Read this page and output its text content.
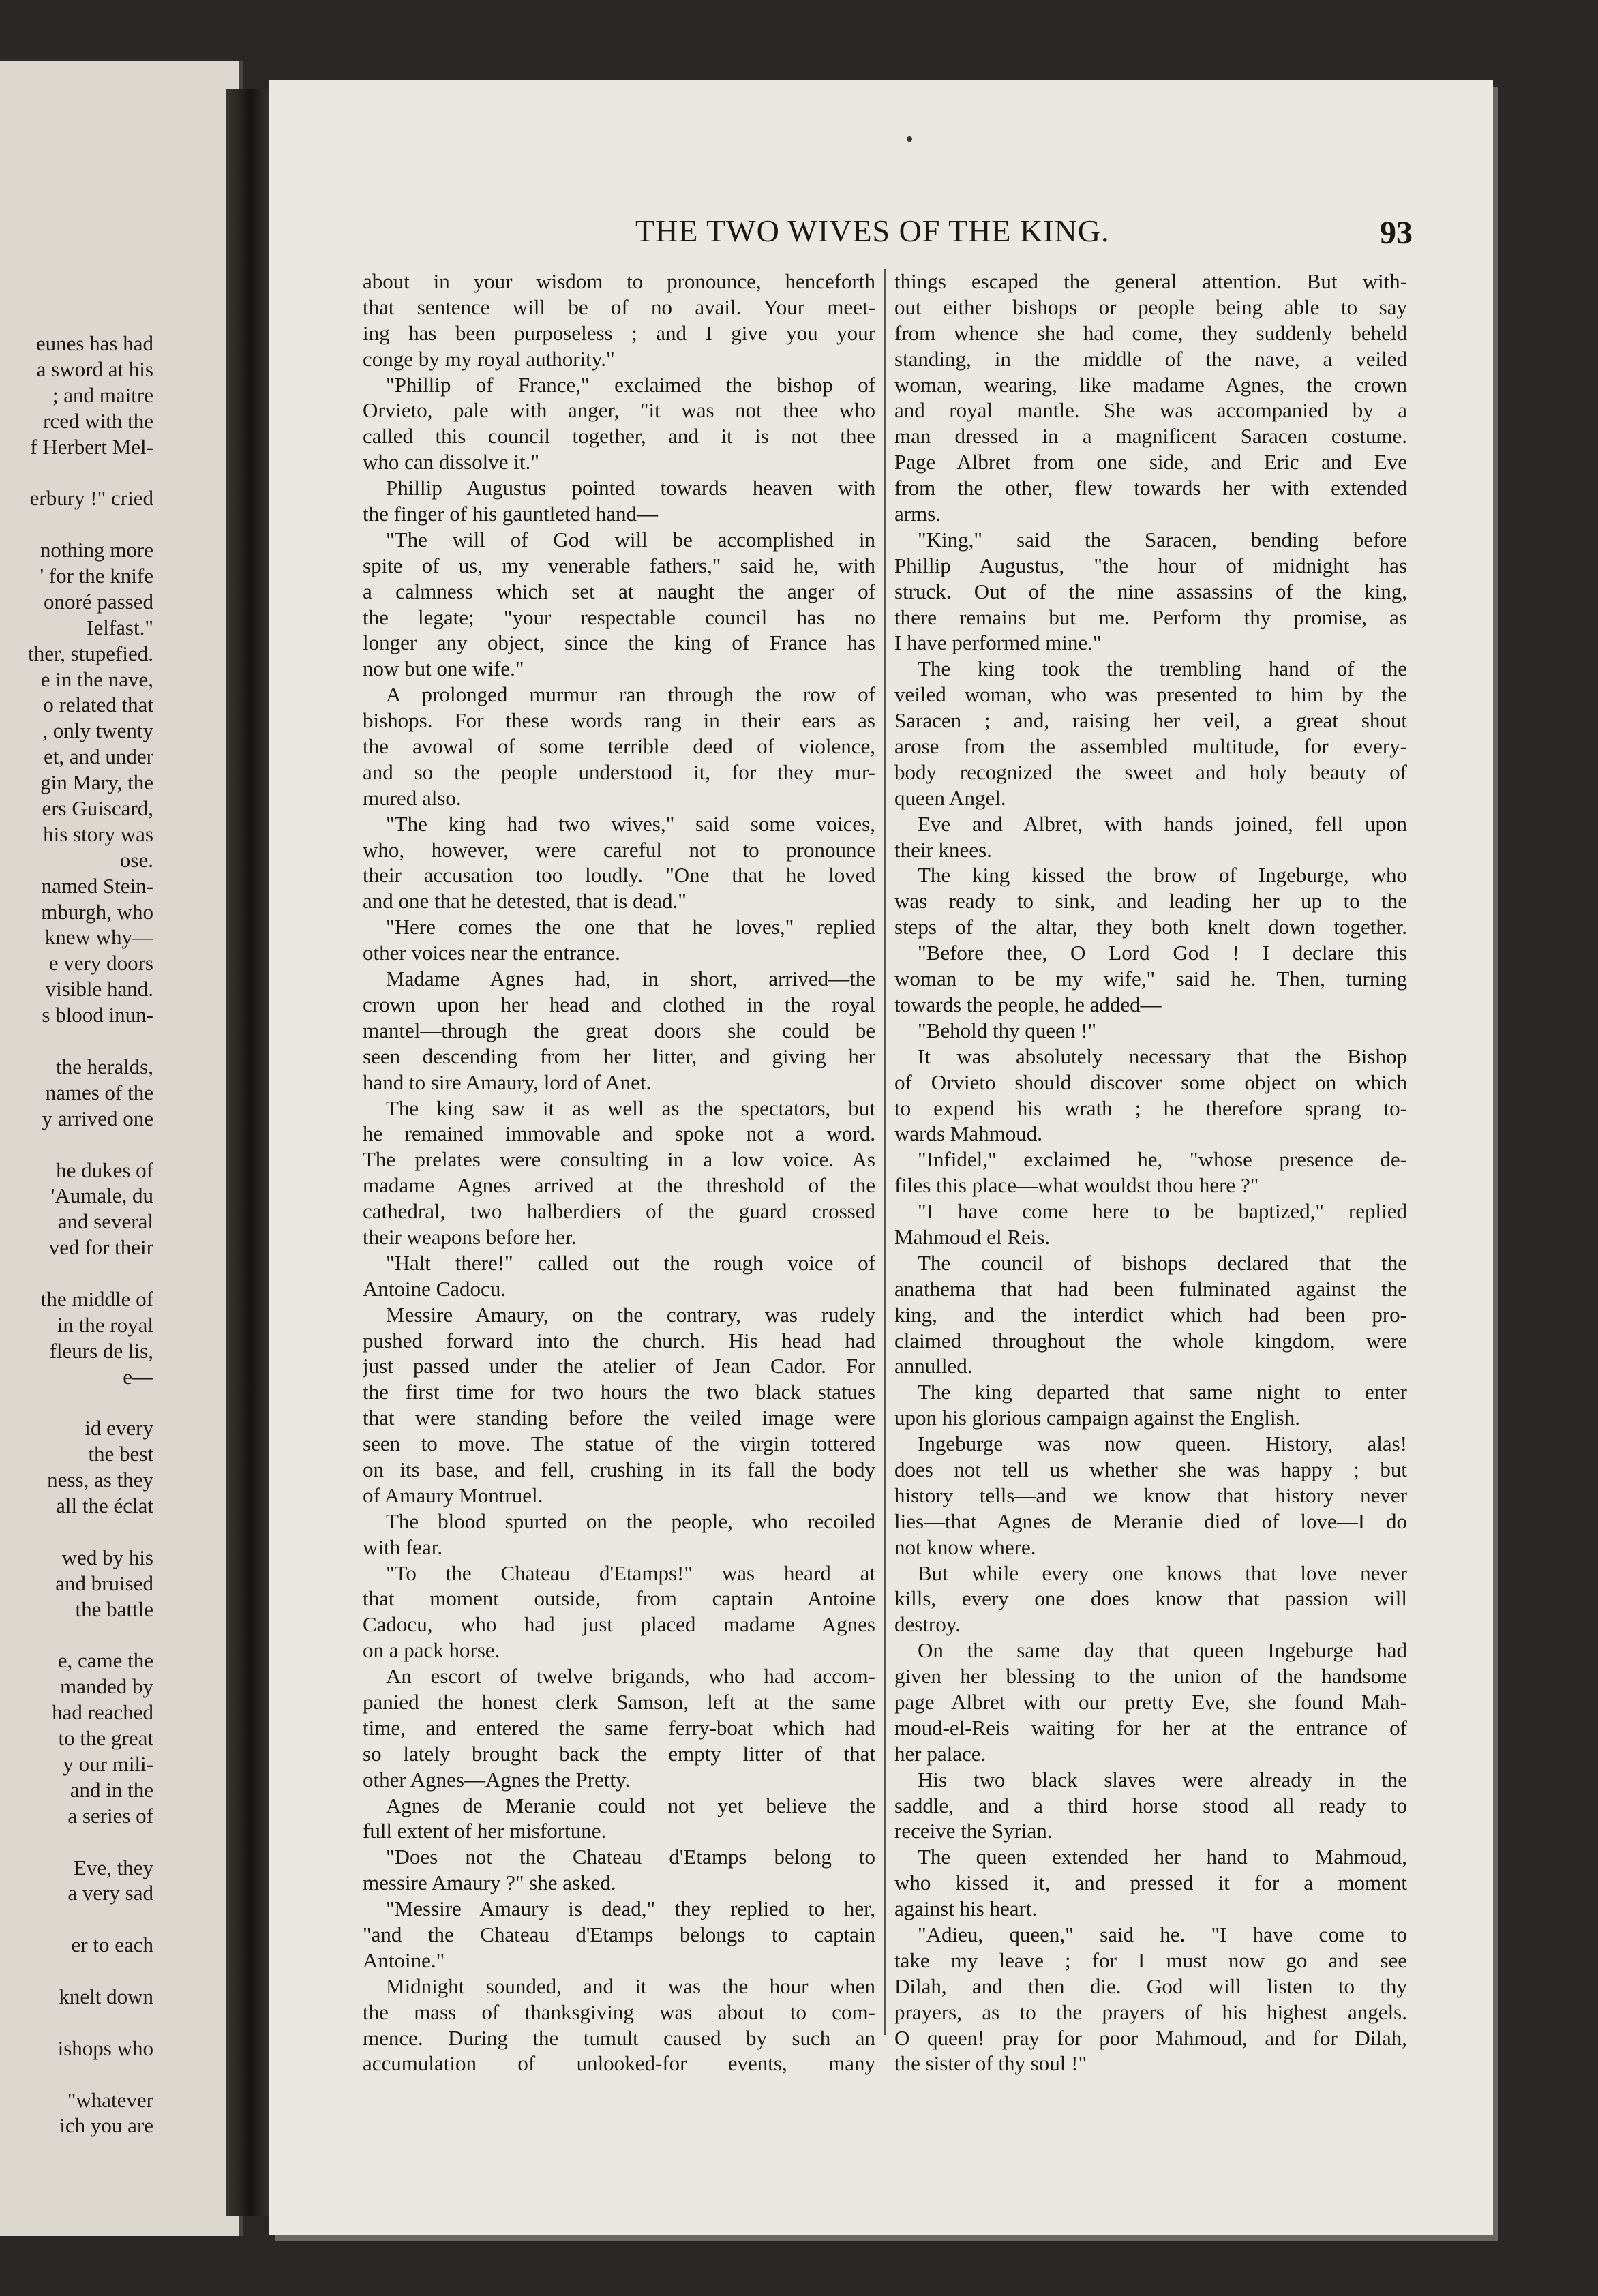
eunes has had
a sword at his
; and maitre
rced with the
f Herbert Mel-
erbury !" cried
nothing more
' for the knife
onoré passed
Ielfast."
ther, stupefied.
e in the nave,
o related that
, only twenty
et, and under
gin Mary, the
ers Guiscard,
his story was
ose.
named Stein-
mburgh, who
knew why—
e very doors
visible hand.
s blood inun-
the heralds,
names of the
y arrived one
he dukes of
'Aumale, du
and several
ved for their
the middle of
in the royal
fleurs de lis,
e—
id every
the best
ness, as they
all the éclat
wed by his
and bruised
the battle
e, came the
manded by
had reached
to the great
y our mili-
and in the
a series of
Eve, they
a very sad
er to each
knelt down
ishops who
"whatever
ich you are
THE TWO WIVES OF THE KING.	93
about in your wisdom to pronounce, henceforth
that sentence will be of no avail. Your meet-
ing has been purposeless ; and I give you your
conge by my royal authority."
"Phillip of France," exclaimed the bishop of
Orvieto, pale with anger, "it was not thee who
called this council together, and it is not thee
who can dissolve it."
Phillip Augustus pointed towards heaven with
the finger of his gauntleted hand—
"The will of God will be accomplished in
spite of us, my venerable fathers," said he, with
a calmness which set at naught the anger of
the legate; "your respectable council has no
longer any object, since the king of France has
now but one wife."
A prolonged murmur ran through the row of
bishops. For these words rang in their ears as
the avowal of some terrible deed of violence,
and so the people understood it, for they mur-
mured also.
"The king had two wives," said some voices,
who, however, were careful not to pronounce
their accusation too loudly. "One that he loved
and one that he detested, that is dead."
"Here comes the one that he loves," replied
other voices near the entrance.
Madame Agnes had, in short, arrived—the
crown upon her head and clothed in the royal
mantel—through the great doors she could be
seen descending from her litter, and giving her
hand to sire Amaury, lord of Anet.
The king saw it as well as the spectators, but
he remained immovable and spoke not a word.
The prelates were consulting in a low voice. As
madame Agnes arrived at the threshold of the
cathedral, two halberdiers of the guard crossed
their weapons before her.
"Halt there!" called out the rough voice of
Antoine Cadocu.
Messire Amaury, on the contrary, was rudely
pushed forward into the church. His head had
just passed under the atelier of Jean Cador. For
the first time for two hours the two black statues
that were standing before the veiled image were
seen to move. The statue of the virgin tottered
on its base, and fell, crushing in its fall the body
of Amaury Montruel.
The blood spurted on the people, who recoiled
with fear.
"To the Chateau d'Etamps!" was heard at
that moment outside, from captain Antoine
Cadocu, who had just placed madame Agnes
on a pack horse.
An escort of twelve brigands, who had accom-
panied the honest clerk Samson, left at the same
time, and entered the same ferry-boat which had
so lately brought back the empty litter of that
other Agnes—Agnes the Pretty.
Agnes de Meranie could not yet believe the
full extent of her misfortune.
"Does not the Chateau d'Etamps belong to
messire Amaury ?" she asked.
"Messire Amaury is dead," they replied to her,
"and the Chateau d'Etamps belongs to captain
Antoine."
Midnight sounded, and it was the hour when
the mass of thanksgiving was about to com-
mence. During the tumult caused by such an
accumulation of unlooked-for events, many
things escaped the general attention. But with-
out either bishops or people being able to say
from whence she had come, they suddenly beheld
standing, in the middle of the nave, a veiled
woman, wearing, like madame Agnes, the crown
and royal mantle. She was accompanied by a
man dressed in a magnificent Saracen costume.
Page Albret from one side, and Eric and Eve
from the other, flew towards her with extended
arms.
"King," said the Saracen, bending before
Phillip Augustus, "the hour of midnight has
struck. Out of the nine assassins of the king,
there remains but me. Perform thy promise, as
I have performed mine."
The king took the trembling hand of the
veiled woman, who was presented to him by the
Saracen ; and, raising her veil, a great shout
arose from the assembled multitude, for every-
body recognized the sweet and holy beauty of
queen Angel.
Eve and Albret, with hands joined, fell upon
their knees.
The king kissed the brow of Ingeburge, who
was ready to sink, and leading her up to the
steps of the altar, they both knelt down together.
"Before thee, O Lord God ! I declare this
woman to be my wife," said he. Then, turning
towards the people, he added—
"Behold thy queen !"
It was absolutely necessary that the Bishop
of Orvieto should discover some object on which
to expend his wrath ; he therefore sprang to-
wards Mahmoud.
"Infidel," exclaimed he, "whose presence de-
files this place—what wouldst thou here ?"
"I have come here to be baptized," replied
Mahmoud el Reis.
The council of bishops declared that the
anathema that had been fulminated against the
king, and the interdict which had been pro-
claimed throughout the whole kingdom, were
annulled.
The king departed that same night to enter
upon his glorious campaign against the English.
Ingeburge was now queen. History, alas!
does not tell us whether she was happy ; but
history tells—and we know that history never
lies—that Agnes de Meranie died of love—I do
not know where.
But while every one knows that love never
kills, every one does know that passion will
destroy.
On the same day that queen Ingeburge had
given her blessing to the union of the handsome
page Albret with our pretty Eve, she found Mah-
moud-el-Reis waiting for her at the entrance of
her palace.
His two black slaves were already in the
saddle, and a third horse stood all ready to
receive the Syrian.
The queen extended her hand to Mahmoud,
who kissed it, and pressed it for a moment
against his heart.
"Adieu, queen," said he. "I have come to
take my leave ; for I must now go and see
Dilah, and then die. God will listen to thy
prayers, as to the prayers of his highest angels.
O queen! pray for poor Mahmoud, and for Dilah,
the sister of thy soul !"
